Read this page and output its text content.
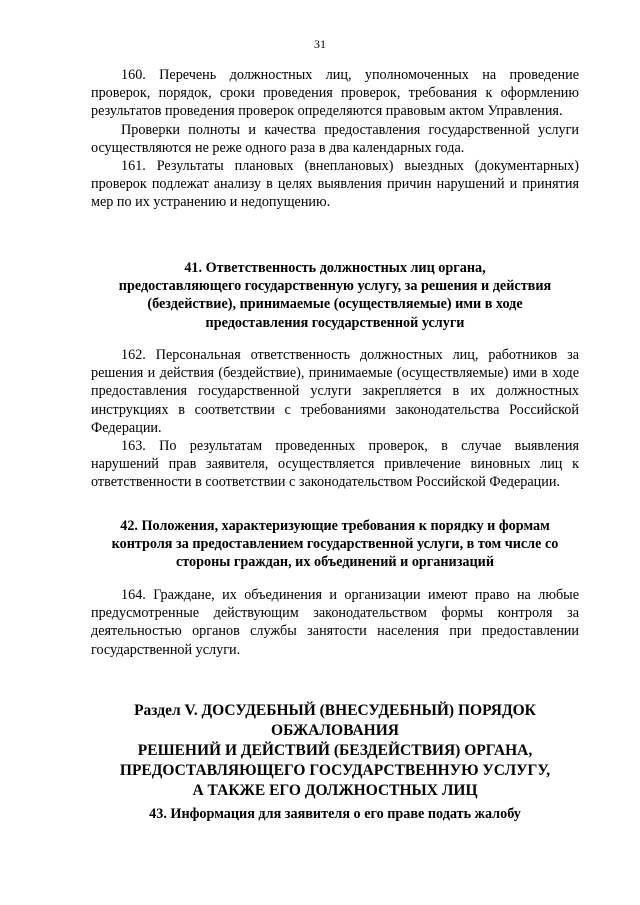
31

160. Перечень должностных лиц, уполномоченных на проведение проверок, порядок, сроки проведения проверок, требования к оформлению результатов проведения проверок определяются правовым актом Управления.

Проверки полноты и качества предоставления государственной услуги осуществляются не реже одного раза в два календарных года.

161. Результаты плановых (внеплановых) выездных (документарных) проверок подлежат анализу в целях выявления причин нарушений и принятия мер по их устранению и недопущению.

41. Ответственность должностных лиц органа,
предоставляющего государственную услугу, за решения и действия
(бездействие), принимаемые (осуществляемые) ими в ходе
предоставления государственной услуги

162. Персональная ответственность должностных лиц, работников за решения и действия (бездействие), принимаемые (осуществляемые) ими в ходе предоставления государственной услуги закрепляется в их должностных инструкциях в соответствии с требованиями законодательства Российской Федерации.

163. По результатам проведенных проверок, в случае выявления нарушений прав заявителя, осуществляется привлечение виновных лиц к ответственности в соответствии с законодательством Российской Федерации.

42. Положения, характеризующие требования к порядку и формам
контроля за предоставлением государственной услуги, в том числе со
стороны граждан, их объединений и организаций

164. Граждане, их объединения и организации имеют право на любые предусмотренные действующим законодательством формы контроля за деятельностью органов службы занятости населения при предоставлении государственной услуги.

Раздел V. ДОСУДЕБНЫЙ (ВНЕСУДЕБНЫЙ) ПОРЯДОК
ОБЖАЛОВАНИЯ
РЕШЕНИЙ И ДЕЙСТВИЙ (БЕЗДЕЙСТВИЯ) ОРГАНА,
ПРЕДОСТАВЛЯЮЩЕГО ГОСУДАРСТВЕННУЮ УСЛУГУ,
А ТАКЖЕ ЕГО ДОЛЖНОСТНЫХ ЛИЦ
43. Информация для заявителя о его праве подать жалобу
